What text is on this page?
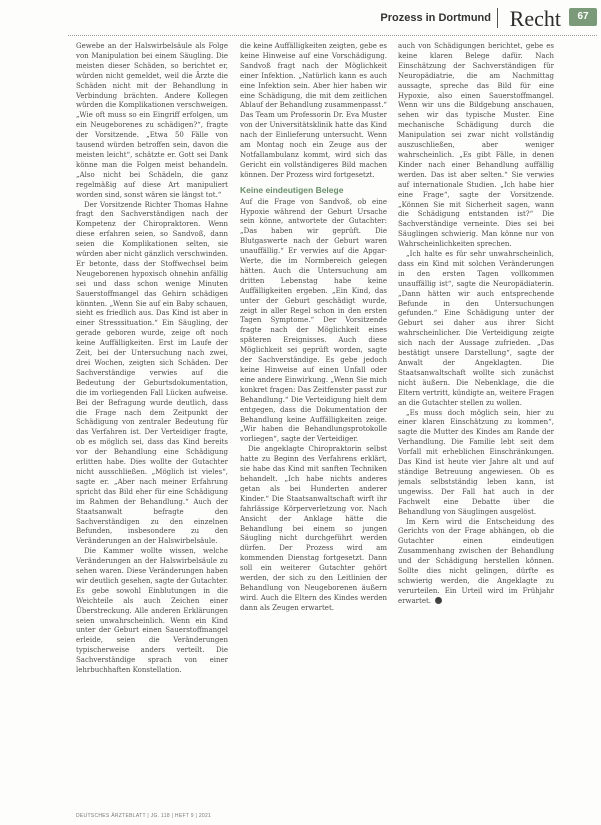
Prozess in Dortmund Recht	67

Gewebe an der Halswirbelsäule als Folge von Manipulation bei einem Säugling. Die meisten dieser Schäden, so berichtet er, würden nicht gemeldet, weil die Ärzte die Schäden nicht mit der Behandlung in Verbindung brächten. Andere Kollegen würden die Komplikationen verschweigen. „Wie oft muss so ein Eingriff erfolgen, um ein Neugeborenes zu schädigen?“, fragte der Vorsitzende. „Etwa 50 Fälle von tausend würden betroffen sein, davon die meisten leicht“, schätzte er. Gott sei Dank könne man die Folgen meist behandeln. „Also nicht bei Schädeln, die ganz regelmäßig auf diese Art manipuliert worden sind, sonst wären sie längst tot.“

Der Vorsitzende Richter Thomas Hahne fragt den Sachverständigen nach der Kompetenz der Chiropraktoren. Wenn diese erfahren seien, so Sandvoß, dann seien die Komplikationen selten, sie würden aber nicht gänzlich verschwinden. Er betonte, dass der Stoffwechsel beim Neugeborenen hypoxisch ohnehin anfällig sei und dass schon wenige Minuten Sauerstoffmangel das Gehirn schädigen könnten. „Wenn Sie auf ein Baby schauen, sieht es friedlich aus. Das Kind ist aber in einer Stresssituation.“ Ein Säugling, der gerade geboren wurde, zeige oft noch keine Auffälligkeiten. Erst im Laufe der Zeit, bei der Untersuchung nach zwei, drei Wochen, zeigten sich Schäden. Der Sachverständige verwies auf die Bedeutung der Geburtsdokumentation, die im vorliegenden Fall Lücken aufweise. Bei der Befragung wurde deutlich, dass die Frage nach dem Zeitpunkt der Schädigung von zentraler Bedeutung für das Verfahren ist. Der Verteidiger fragte, ob es möglich sei, dass das Kind bereits vor der Behandlung eine Schädigung erlitten habe. Dies wollte der Gutachter nicht ausschließen. „Möglich ist vieles“, sagte er. „Aber nach meiner Erfahrung spricht das Bild eher für eine Schädigung im Rahmen der Behandlung.“ Auch der Staatsanwalt befragte den Sachverständigen zu den einzelnen Befunden, insbesondere zu den Veränderungen an der Halswirbelsäule.

Die Kammer wollte wissen, welche Veränderungen an der Halswirbelsäule zu sehen waren. Diese Veränderungen haben wir deutlich gesehen, sagte der Gutachter. Es gebe sowohl Einblutungen in die Weichteile als auch Zeichen einer Überstreckung. Alle anderen Erklärungen seien unwahrscheinlich. Wenn ein Kind unter der Geburt einen Sauerstoffmangel erleide, seien die Veränderungen typischerweise anders verteilt. Die Sachverständige sprach von einer lehrbuchhaften Konstellation.

die keine Auffälligkeiten zeigten, gebe es keine Hinweise auf eine Vorschädigung. Sandvoß fragt nach der Möglichkeit einer Infektion. „Natürlich kann es auch eine Infektion sein. Aber hier haben wir eine Schädigung, die mit dem zeitlichen Ablauf der Behandlung zusammenpasst.“ Das Team um Professorin Dr. Eva Muster von der Universitätsklinik hatte das Kind nach der Einlieferung untersucht. Wenn am Montag noch ein Zeuge aus der Notfallambulanz kommt, wird sich das Gericht ein vollständigeres Bild machen können. Der Prozess wird fortgesetzt.

Keine eindeutigen Belege

Auf die Frage von Sandvoß, ob eine Hypoxie während der Geburt Ursache sein könne, antwortete der Gutachter: „Das haben wir geprüft. Die Blutgaswerte nach der Geburt waren unauffällig.“ Er verwies auf die Apgar-Werte, die im Normbereich gelegen hätten. Auch die Untersuchung am dritten Lebenstag habe keine Auffälligkeiten ergeben. „Ein Kind, das unter der Geburt geschädigt wurde, zeigt in aller Regel schon in den ersten Tagen Symptome.“ Der Vorsitzende fragte nach der Möglichkeit eines späteren Ereignisses. Auch diese Möglichkeit sei geprüft worden, sagte der Sachverständige. Es gebe jedoch keine Hinweise auf einen Unfall oder eine andere Einwirkung. „Wenn Sie mich konkret fragen: Das Zeitfenster passt zur Behandlung.“ Die Verteidigung hielt dem entgegen, dass die Dokumentation der Behandlung keine Auffälligkeiten zeige. „Wir haben die Behandlungsprotokolle vorliegen“, sagte der Verteidiger.

Die angeklagte Chiropraktorin selbst hatte zu Beginn des Verfahrens erklärt, sie habe das Kind mit sanften Techniken behandelt. „Ich habe nichts anderes getan als bei Hunderten anderer Kinder.“ Die Staatsanwaltschaft wirft ihr fahrlässige Körperverletzung vor. Nach Ansicht der Anklage hätte die Behandlung bei einem so jungen Säugling nicht durchgeführt werden dürfen. Der Prozess wird am kommenden Dienstag fortgesetzt. Dann soll ein weiterer Gutachter gehört werden, der sich zu den Leitlinien der Behandlung von Neugeborenen äußern wird. Auch die Eltern des Kindes werden dann als Zeugen erwartet.

auch von Schädigungen berichtet, gebe es keine klaren Belege dafür. Nach Einschätzung der Sachverständigen für Neuropädiatrie, die am Nachmittag aussagte, spreche das Bild für eine Hypoxie, also einen Sauerstoffmangel. Wenn wir uns die Bildgebung anschauen, sehen wir das typische Muster. Eine mechanische Schädigung durch die Manipulation sei zwar nicht vollständig auszuschließen, aber weniger wahrscheinlich. „Es gibt Fälle, in denen Kinder nach einer Behandlung auffällig werden. Das ist aber selten.“ Sie verwies auf internationale Studien. „Ich habe hier eine Frage“, sagte der Vorsitzende. „Können Sie mit Sicherheit sagen, wann die Schädigung entstanden ist?“ Die Sachverständige verneinte. Dies sei bei Säuglingen schwierig. Man könne nur von Wahrscheinlichkeiten sprechen.

„Ich halte es für sehr unwahrscheinlich, dass ein Kind mit solchen Veränderungen in den ersten Tagen vollkommen unauffällig ist“, sagte die Neuropädiaterin. „Dann hätten wir auch entsprechende Befunde in den Untersuchungen gefunden.“ Eine Schädigung unter der Geburt sei daher aus ihrer Sicht wahrscheinlicher. Die Verteidigung zeigte sich nach der Aussage zufrieden. „Das bestätigt unsere Darstellung“, sagte der Anwalt der Angeklagten. Die Staatsanwaltschaft wollte sich zunächst nicht äußern. Die Nebenklage, die die Eltern vertritt, kündigte an, weitere Fragen an die Gutachter stellen zu wollen.

„Es muss doch möglich sein, hier zu einer klaren Einschätzung zu kommen“, sagte die Mutter des Kindes am Rande der Verhandlung. Die Familie lebt seit dem Vorfall mit erheblichen Einschränkungen. Das Kind ist heute vier Jahre alt und auf ständige Betreuung angewiesen. Ob es jemals selbstständig leben kann, ist ungewiss. Der Fall hat auch in der Fachwelt eine Debatte über die Behandlung von Säuglingen ausgelöst.

Im Kern wird die Entscheidung des Gerichts von der Frage abhängen, ob die Gutachter einen eindeutigen Zusammenhang zwischen der Behandlung und der Schädigung herstellen können. Sollte dies nicht gelingen, dürfte es schwierig werden, die Angeklagte zu verurteilen. Ein Urteil wird im Frühjahr erwartet.

DEUTSCHES ÄRZTEBLATT | JG. 118 | HEFT 9 | 2021
